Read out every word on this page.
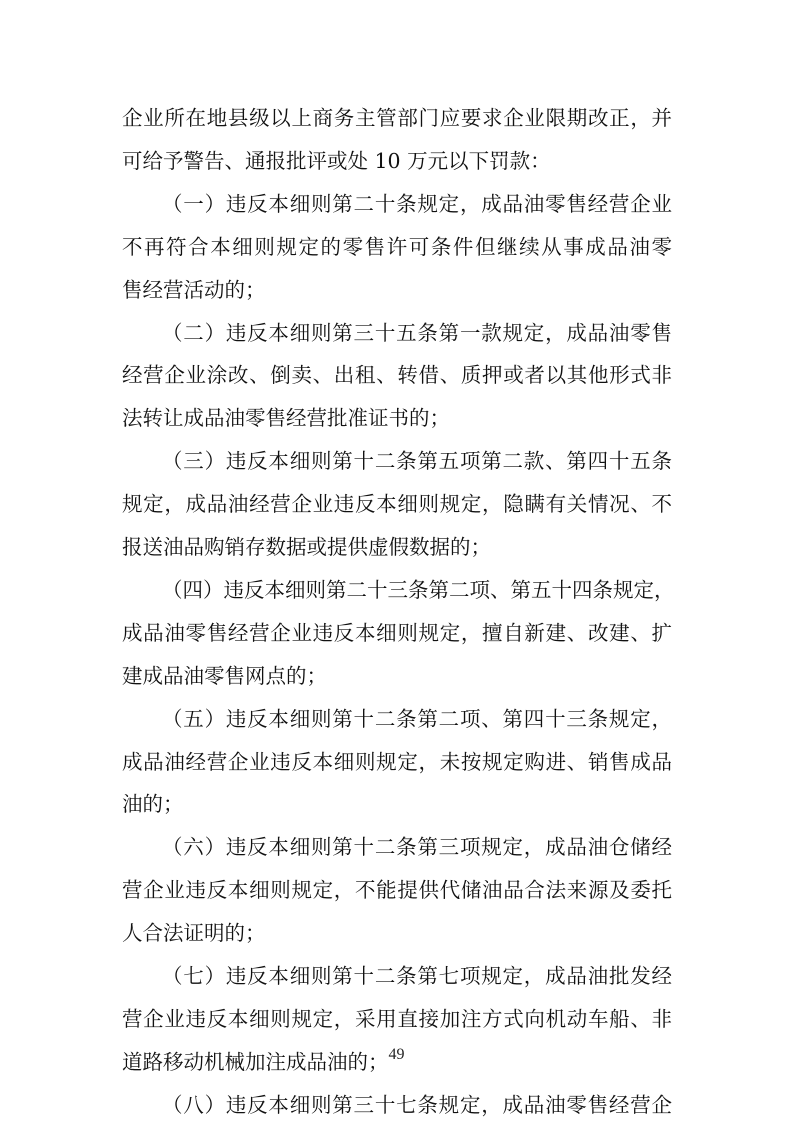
企业所在地县级以上商务主管部门应要求企业限期改正，并
可给予警告、通报批评或处 10 万元以下罚款：
（一）违反本细则第二十条规定，成品油零售经营企业
不再符合本细则规定的零售许可条件但继续从事成品油零
售经营活动的；
（二）违反本细则第三十五条第一款规定，成品油零售
经营企业涂改、倒卖、出租、转借、质押或者以其他形式非
法转让成品油零售经营批准证书的；
（三）违反本细则第十二条第五项第二款、第四十五条
规定，成品油经营企业违反本细则规定，隐瞒有关情况、不
报送油品购销存数据或提供虚假数据的；
（四）违反本细则第二十三条第二项、第五十四条规定，
成品油零售经营企业违反本细则规定，擅自新建、改建、扩
建成品油零售网点的；
（五）违反本细则第十二条第二项、第四十三条规定，
成品油经营企业违反本细则规定，未按规定购进、销售成品
油的；
（六）违反本细则第十二条第三项规定，成品油仓储经
营企业违反本细则规定，不能提供代储油品合法来源及委托
人合法证明的；
（七）违反本细则第十二条第七项规定，成品油批发经
营企业违反本细则规定，采用直接加注方式向机动车船、非
道路移动机械加注成品油的；
（八）违反本细则第三十七条规定，成品油零售经营企
49
